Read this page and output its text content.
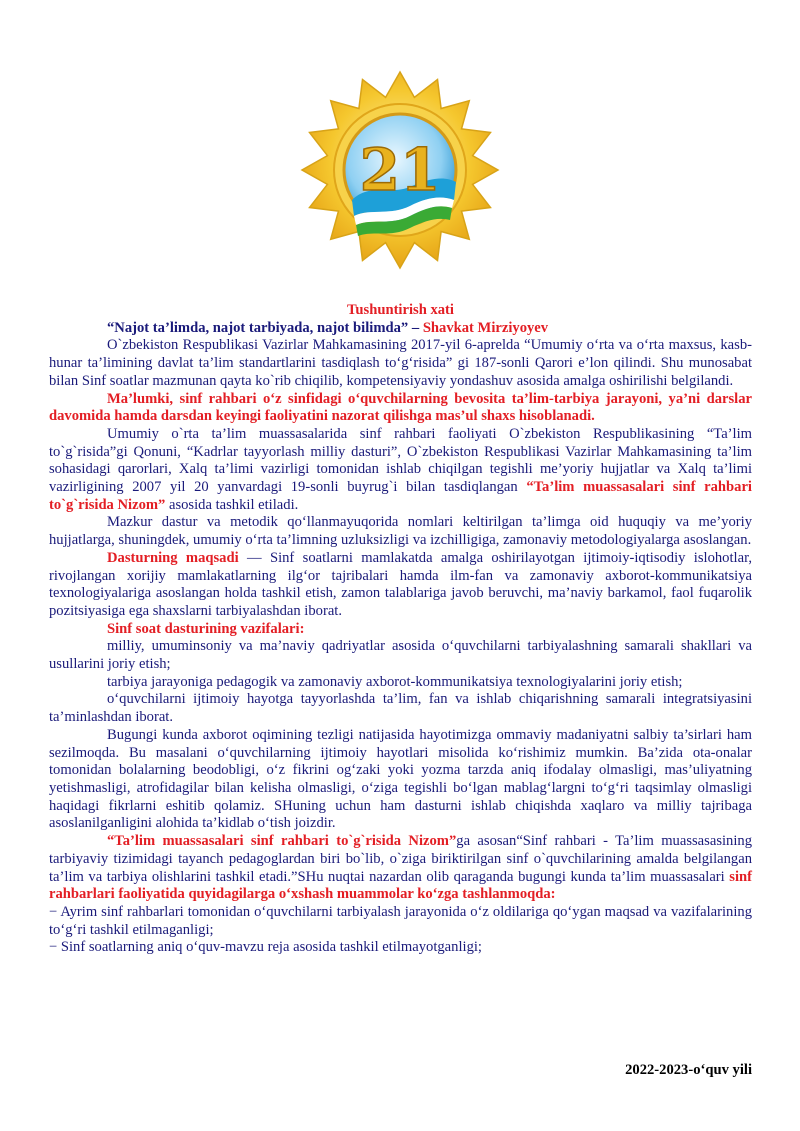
21

Tushuntirish xati

“Najot ta’limda, najot tarbiyada, najot bilimda” – Shavkat Mirziyoyev

O`zbekiston Respublikasi Vazirlar Mahkamasining 2017-yil 6-aprelda “Umumiy o‘rta va o‘rta maxsus, kasb-hunar ta’limining davlat ta’lim standartlarini tasdiqlash to‘g‘risida” gi 187-sonli Qarori e’lon qilindi. Shu munosabat bilan Sinf soatlar mazmunan qayta ko`rib chiqilib, kompetensiyaviy yondashuv asosida amalga oshirilishi belgilandi.

Ma’lumki, sinf rahbari o‘z sinfidagi o‘quvchilarning bevosita ta’lim-tarbiya jarayoni, ya’ni darslar davomida hamda darsdan keyingi faoliyatini nazorat qilishga mas’ul shaxs hisoblanadi.

Umumiy o`rta ta’lim muassasalarida sinf rahbari faoliyati O`zbekiston Respublikasining “Ta’lim to`g`risida”gi Qonuni, “Kadrlar tayyorlash milliy dasturi”, O`zbekiston Respublikasi Vazirlar Mahkamasining ta’lim sohasidagi qarorlari, Xalq ta’limi vazirligi tomonidan ishlab chiqilgan tegishli me’yoriy hujjatlar va Xalq ta’limi vazirligining 2007 yil 20 yanvardagi 19-sonli buyrug`i bilan tasdiqlangan “Ta’lim muassasalari sinf rahbari to`g`risida Nizom” asosida tashkil etiladi.

Mazkur dastur va metodik qo‘llanmayuqorida nomlari keltirilgan ta’limga oid huquqiy va me’yoriy hujjatlarga, shuningdek, umumiy o‘rta ta’limning uzluksizligi va izchilligiga, zamonaviy metodologiyalarga asoslangan.

Dasturning maqsadi — Sinf soatlarni mamlakatda amalga oshirilayotgan ijtimoiy-iqtisodiy islohotlar, rivojlangan xorijiy mamlakatlarning ilg‘or tajribalari hamda ilm-fan va zamonaviy axborot-kommunikatsiya texnologiyalariga asoslangan holda tashkil etish, zamon talablariga javob beruvchi, ma’naviy barkamol, faol fuqarolik pozitsiyasiga ega shaxslarni tarbiyalashdan iborat.

Sinf soat dasturining vazifalari:

milliy, umuminsoniy va ma’naviy qadriyatlar asosida o‘quvchilarni tarbiyalashning samarali shakllari va usullarini joriy etish;

tarbiya jarayoniga pedagogik va zamonaviy axborot-kommunikatsiya texnologiyalarini joriy etish;

o‘quvchilarni ijtimoiy hayotga tayyorlashda ta’lim, fan va ishlab chiqarishning samarali integratsiyasini ta’minlashdan iborat.

Bugungi kunda axborot oqimining tezligi natijasida hayotimizga ommaviy madaniyatni salbiy ta’sirlari ham sezilmoqda. Bu masalani o‘quvchilarning ijtimoiy hayotlari misolida ko‘rishimiz mumkin. Ba’zida ota-onalar tomonidan bolalarning beodobligi, o‘z fikrini og‘zaki yoki yozma tarzda aniq ifodalay olmasligi, mas’uliyatning yetishmasligi, atrofidagilar bilan kelisha olmasligi, o‘ziga tegishli bo‘lgan mablag‘largni to‘g‘ri taqsimlay olmasligi haqidagi fikrlarni eshitib qolamiz. SHuning uchun ham dasturni ishlab chiqishda xaqlaro va milliy tajribaga asoslanilganligini alohida ta’kidlab o‘tish joizdir.

“Ta’lim muassasalari sinf rahbari to`g`risida Nizom”ga asosan“Sinf rahbari - Ta’lim muassasasining tarbiyaviy tizimidagi tayanch pedagoglardan biri bo`lib, o`ziga biriktirilgan sinf o`quvchilarining amalda belgilangan ta’lim va tarbiya olishlarini tashkil etadi.”SHu nuqtai nazardan olib qaraganda bugungi kunda ta’lim muassasalari sinf rahbarlari faoliyatida quyidagilarga o‘xshash muammolar ko‘zga tashlanmoqda:

− Ayrim sinf rahbarlari tomonidan o‘quvchilarni tarbiyalash jarayonida o‘z oldilariga qo‘ygan maqsad va vazifalarining to‘g‘ri tashkil etilmaganligi;

− Sinf soatlarning aniq o‘quv-mavzu reja asosida tashkil etilmayotganligi;

2022-2023-o‘quv yili
